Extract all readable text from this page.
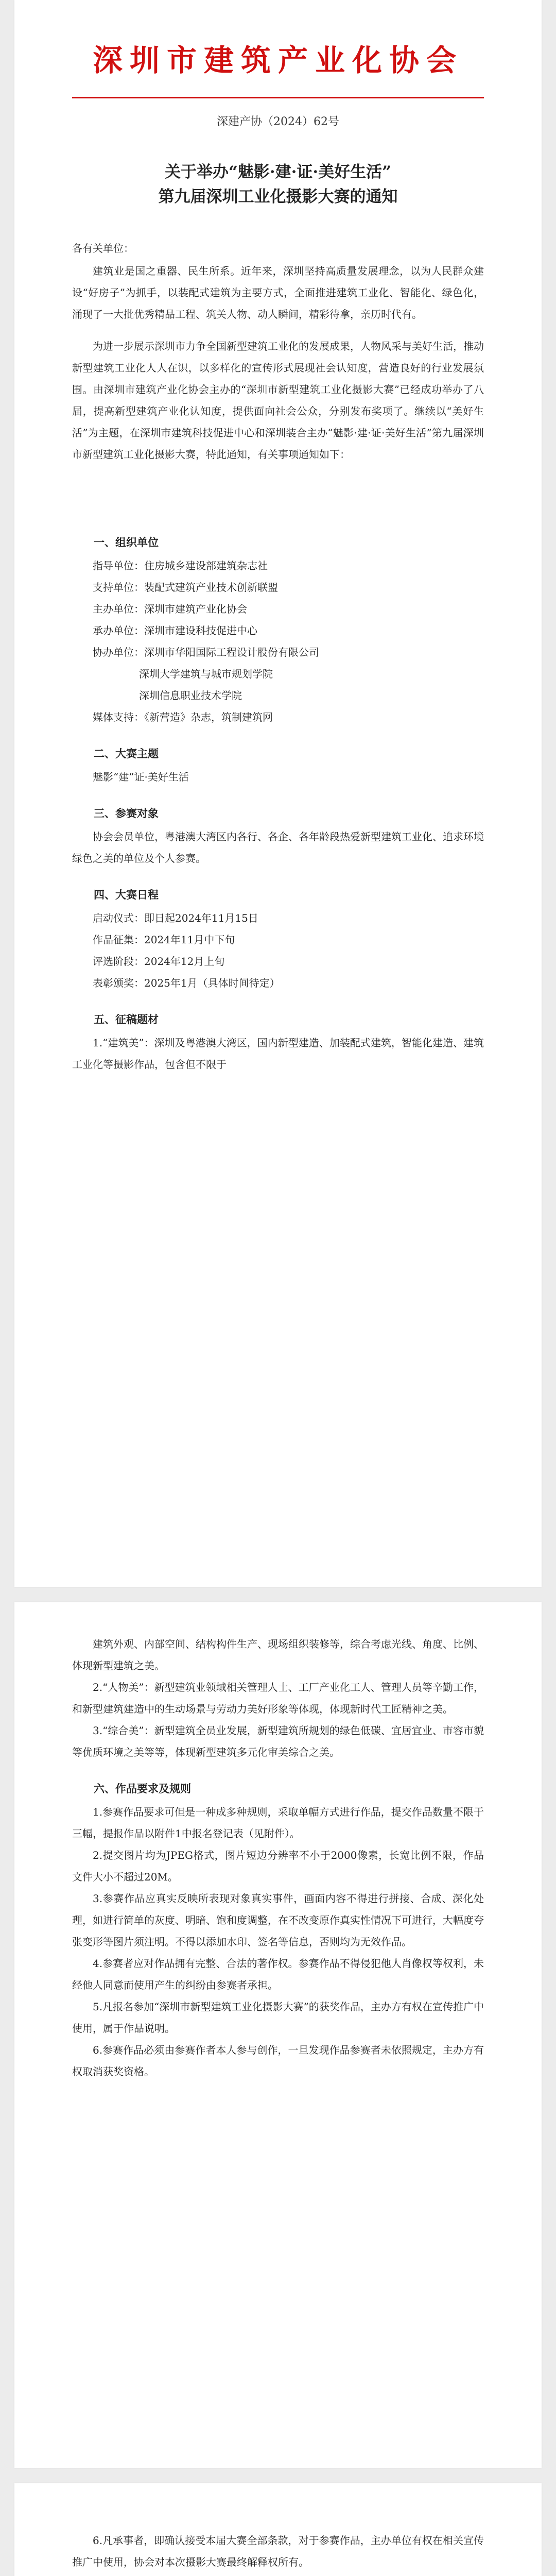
深圳市建筑产业化协会
深建产协（2024）62号
关于举办“魅影·建·证·美好生活”
第九届深圳工业化摄影大赛的通知

各有关单位：

建筑业是国之重器、民生所系。近年来，深圳坚持高质量发展理念，以为人民群众建设“好房子”为抓手，以装配式建筑为主要方式，全面推进建筑工业化、智能化、绿色化，涌现了一大批优秀精品工程、筑关人物、动人瞬间，精彩待拿，亲历时代有。

为进一步展示深圳市力争全国新型建筑工业化的发展成果，人物风采与美好生活，推动新型建筑工业化人人在识，以多样化的宣传形式展现社会认知度，营造良好的行业发展氛围。由深圳市建筑产业化协会主办的“深圳市新型建筑工业化摄影大赛”已经成功举办了八届，提高新型建筑产业化认知度，提供面向社会公众，分别发布奖项了。继续以“美好生活”为主题，在深圳市建筑科技促进中心和深圳装合主办“魅影·建·证·美好生活”第九届深圳市新型建筑工业化摄影大赛，特此通知，有关事项通知如下：

一、组织单位
指导单位：住房城乡建设部建筑杂志社
支持单位：装配式建筑产业技术创新联盟
主办单位：深圳市建筑产业化协会
承办单位：深圳市建设科技促进中心
协办单位：深圳市华阳国际工程设计股份有限公司
深圳大学建筑与城市规划学院
深圳信息职业技术学院
媒体支持：《新营造》杂志，筑制建筑网
二、大赛主题
魅影“建”证·美好生活
三、参赛对象

协会会员单位，粤港澳大湾区内各行、各企、各年龄段热爱新型建筑工业化、追求环境绿色之美的单位及个人参赛。

四、大赛日程
启动仪式：即日起2024年11月15日
作品征集：2024年11月中下旬
评选阶段：2024年12月上旬
表彰颁奖：2025年1月（具体时间待定）
五、征稿题材

1.“建筑美”：深圳及粤港澳大湾区，国内新型建造、加装配式建筑，智能化建造、建筑工业化等摄影作品，包含但不限于

建筑外观、内部空间、结构构件生产、现场组织装修等，综合考虑光线、角度、比例、体现新型建筑之美。

2.“人物美”：新型建筑业领域相关管理人士、工厂产业化工人、管理人员等辛勤工作，和新型建筑建造中的生动场景与劳动力美好形象等体现，体现新时代工匠精神之美。

3.“综合美”：新型建筑全员业发展，新型建筑所规划的绿色低碳、宜居宜业、市容市貌等优质环境之美等等，体现新型建筑多元化审美综合之美。

六、作品要求及规则

1.参赛作品要求可但是一种成多种规则，采取单幅方式进行作品，提交作品数量不限于三幅，提报作品以附件1中报名登记表（见附件）。

2.提交图片均为JPEG格式，图片短边分辨率不小于2000像素，长宽比例不限，作品文件大小不超过20M。

3.参赛作品应真实反映所表现对象真实事件，画面内容不得进行拼接、合成、深化处理，如进行简单的灰度、明暗、饱和度调整，在不改变原作真实性情况下可进行，大幅度夸张变形等图片须注明。不得以添加水印、签名等信息，否则均为无效作品。

4.参赛者应对作品拥有完整、合法的著作权。参赛作品不得侵犯他人肖像权等权利，未经他人同意而使用产生的纠纷由参赛者承担。

5.凡报名参加“深圳市新型建筑工业化摄影大赛”的获奖作品，主办方有权在宣传推广中使用，属于作品说明。

6.参赛作品必须由参赛作者本人参与创作，一旦发现作品参赛者未依照规定，主办方有权取消获奖资格。

6.凡承事者，即确认接受本届大赛全部条款，对于参赛作品，主办单位有权在相关宣传推广中使用，协会对本次摄影大赛最终解释权所有。
